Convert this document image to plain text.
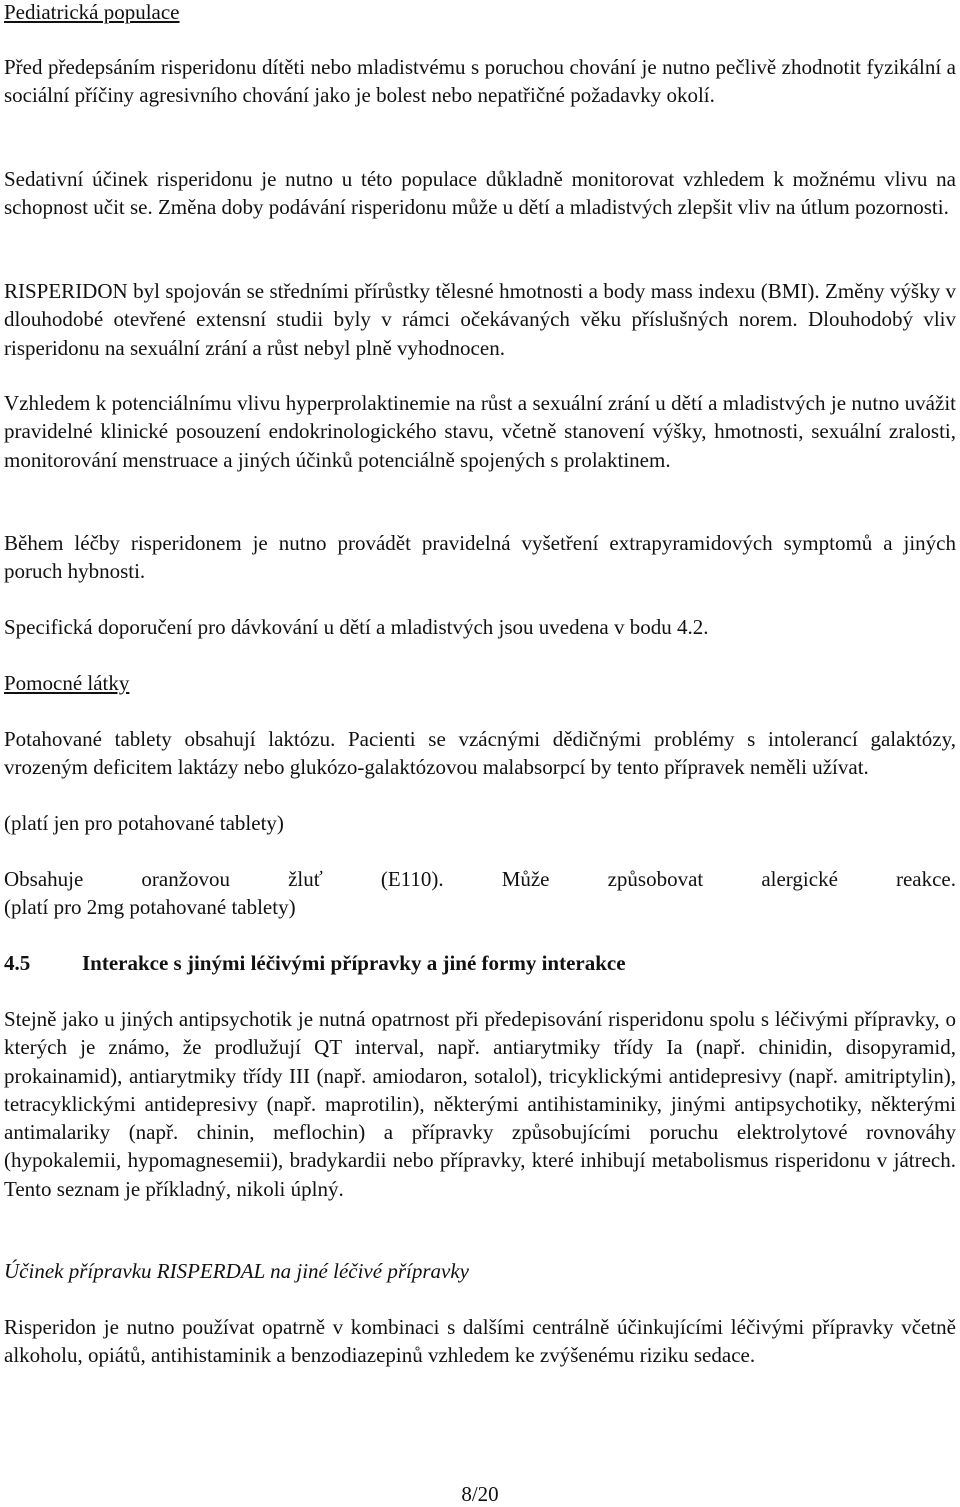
Pediatrická populace

Před předepsáním risperidonu dítěti nebo mladistvému s poruchou chování je nutno pečlivě zhodnotit fyzikální a sociální příčiny agresivního chování jako je bolest nebo nepatřičné požadavky okolí.

Sedativní účinek risperidonu je nutno u této populace důkladně monitorovat vzhledem k možnému vlivu na schopnost učit se. Změna doby podávání risperidonu může u dětí a mladistvých zlepšit vliv na útlum pozornosti.

RISPERIDON byl spojován se středními přírůstky tělesné hmotnosti a body mass indexu (BMI). Změny výšky v dlouhodobé otevřené extensní studii byly v rámci očekávaných věku příslušných norem. Dlouhodobý vliv risperidonu na sexuální zrání a růst nebyl plně vyhodnocen.

Vzhledem k potenciálnímu vlivu hyperprolaktinemie na růst a sexuální zrání u dětí a mladistvých je nutno uvážit pravidelné klinické posouzení endokrinologického stavu, včetně stanovení výšky, hmotnosti, sexuální zralosti, monitorování menstruace a jiných účinků potenciálně spojených s prolaktinem.

Během léčby risperidonem je nutno provádět pravidelná vyšetření extrapyramidových symptomů a jiných poruch hybnosti.

Specifická doporučení pro dávkování u dětí a mladistvých jsou uvedena v bodu 4.2.

Pomocné látky

Potahované tablety obsahují laktózu. Pacienti se vzácnými dědičnými problémy s intolerancí galaktózy, vrozeným deficitem laktázy nebo glukózo-galaktózovou malabsorpcí by tento přípravek neměli užívat.

(platí jen pro potahované tablety)

Obsahuje oranžovou žluť (E110). Může způsobovat alergické reakce.

(platí pro 2mg potahované tablety)

4.5 Interakce s jinými léčivými přípravky a jiné formy interakce

Stejně jako u jiných antipsychotik je nutná opatrnost při předepisování risperidonu spolu s léčivými přípravky, o kterých je známo, že prodlužují QT interval, např. antiarytmiky třídy Ia (např. chinidin, disopyramid, prokainamid), antiarytmiky třídy III (např. amiodaron, sotalol), tricyklickými antidepresivy (např. amitriptylin), tetracyklickými antidepresivy (např. maprotilin), některými antihistaminiky, jinými antipsychotiky, některými antimalariky (např. chinin, meflochin) a přípravky způsobujícími poruchu elektrolytové rovnováhy (hypokalemii, hypomagnesemii), bradykardii nebo přípravky, které inhibují metabolismus risperidonu v játrech. Tento seznam je příkladný, nikoli úplný.

Účinek přípravku RISPERDAL na jiné léčivé přípravky

Risperidon je nutno používat opatrně v kombinaci s dalšími centrálně účinkujícími léčivými přípravky včetně alkoholu, opiátů, antihistaminik a benzodiazepinů vzhledem ke zvýšenému riziku sedace.

8/20
